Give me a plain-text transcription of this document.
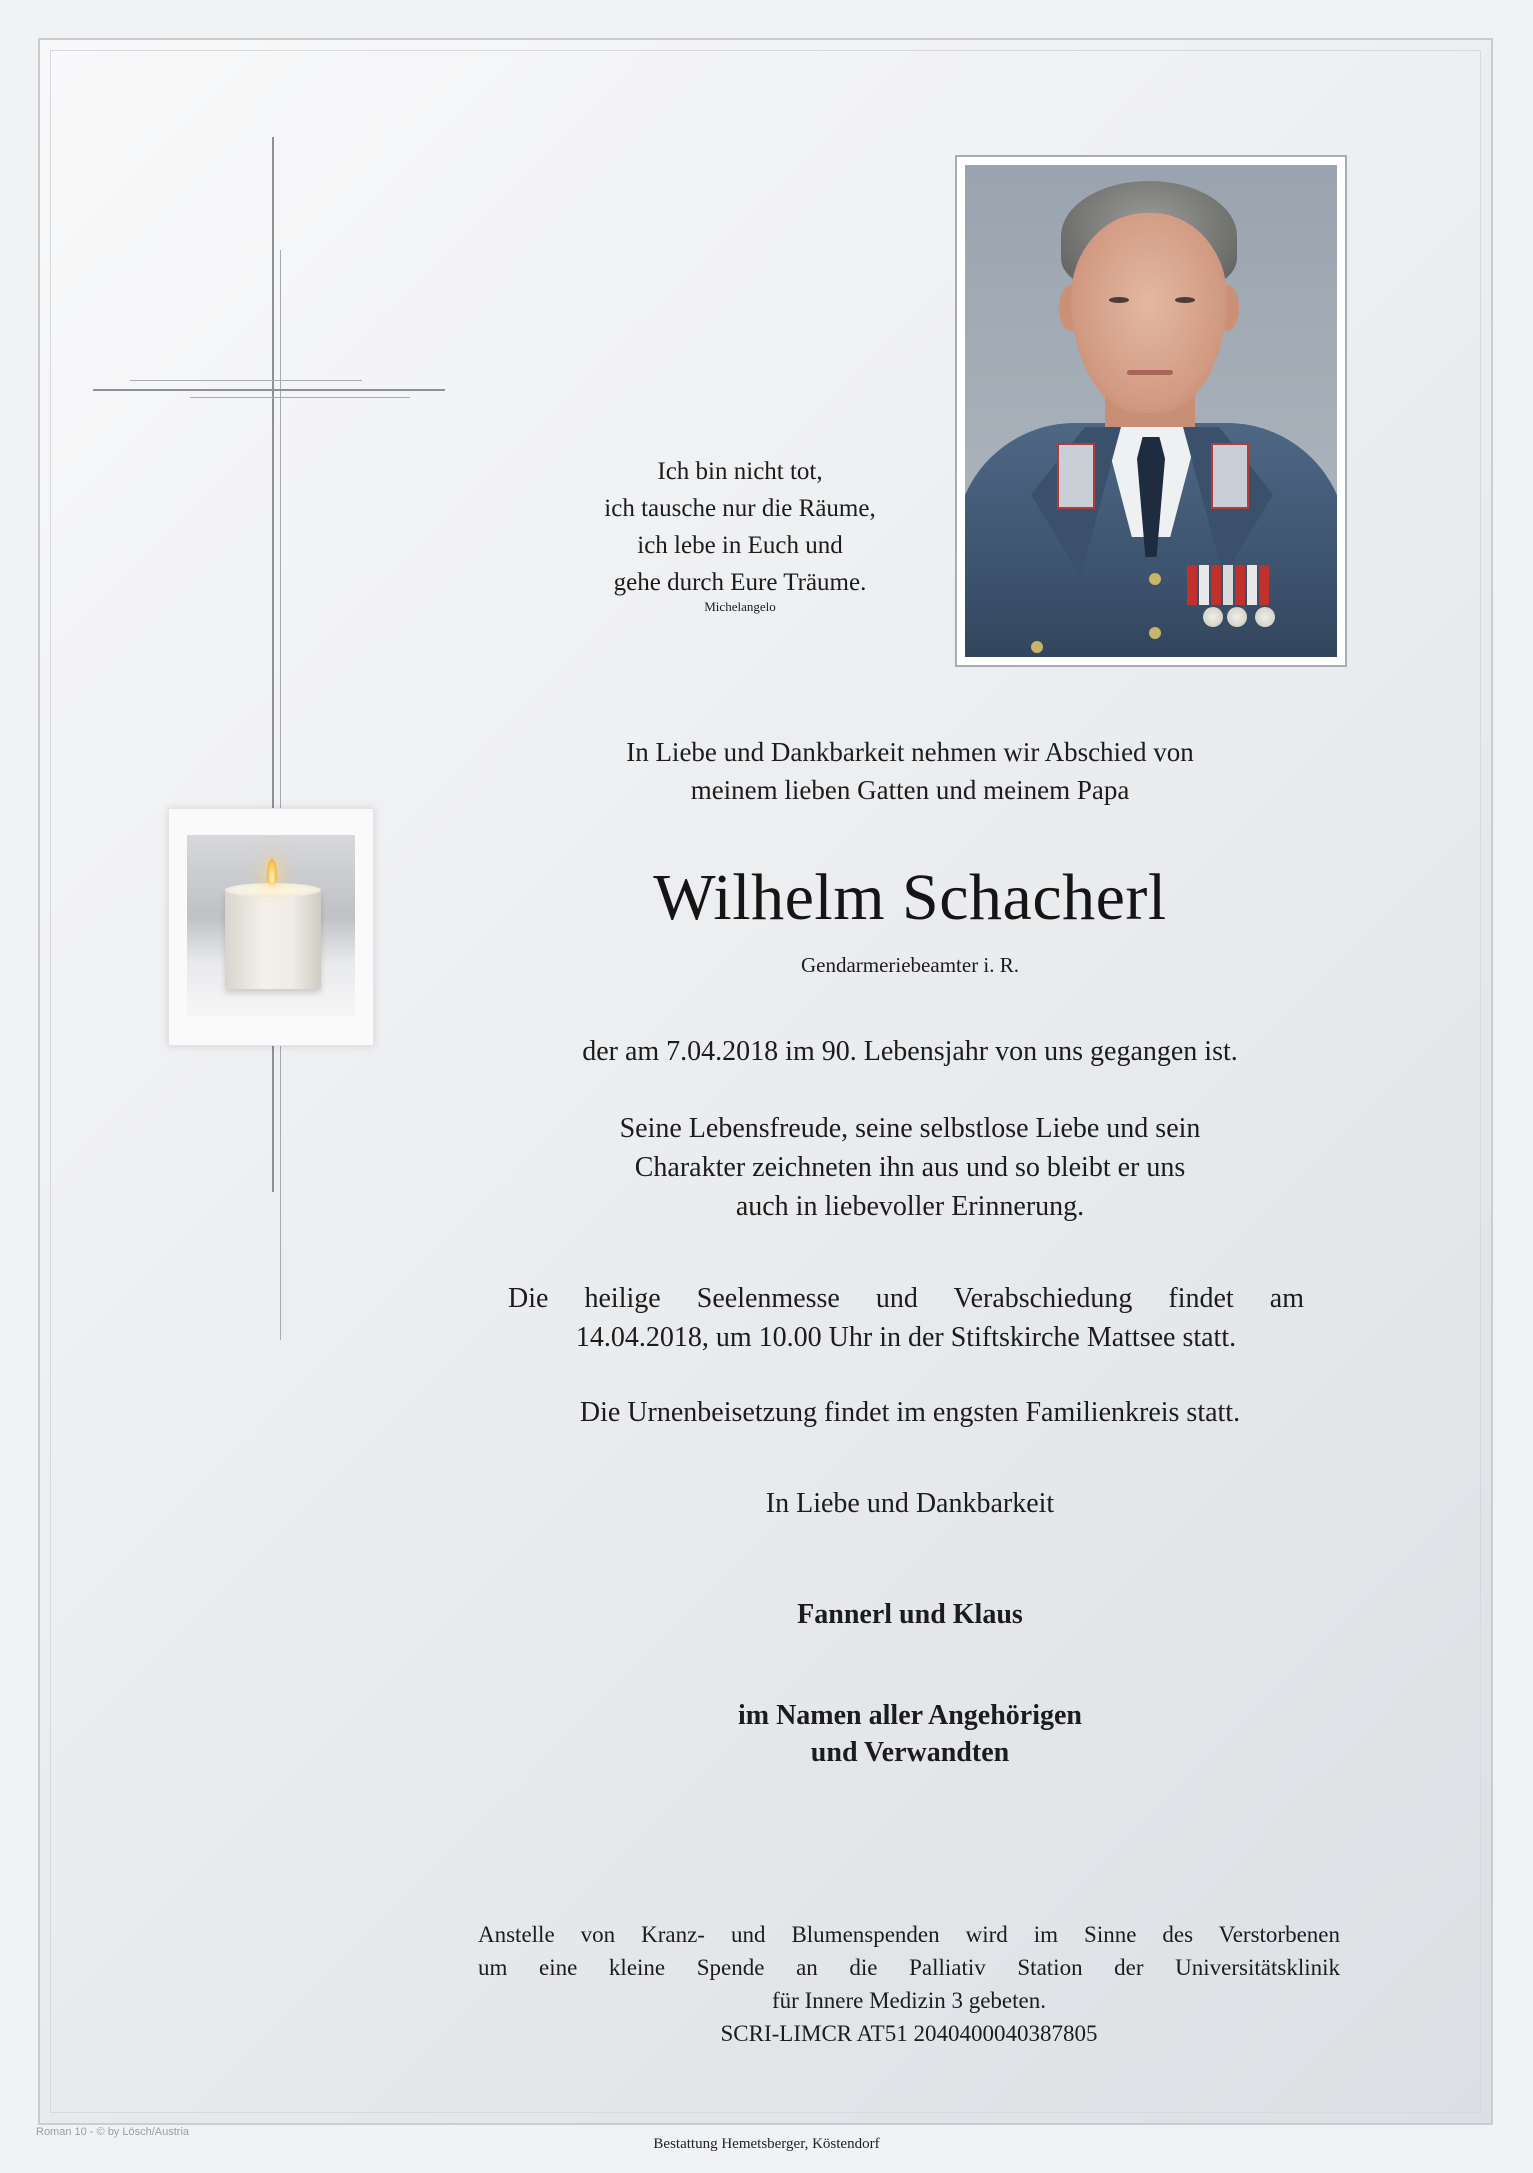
Ich bin nicht tot,
ich tausche nur die Räume,
ich lebe in Euch und
gehe durch Eure Träume.
Michelangelo
In Liebe und Dankbarkeit nehmen wir Abschied von
meinem lieben Gatten und meinem Papa
Wilhelm Schacherl
Gendarmeriebeamter i. R.
der am 7.04.2018 im 90. Lebensjahr von uns gegangen ist.
Seine Lebensfreude, seine selbstlose Liebe und sein
Charakter zeichneten ihn aus und so bleibt er uns
auch in liebevoller Erinnerung.
Die heilige Seelenmesse und Verabschiedung findet am
14.04.2018, um 10.00 Uhr in der Stiftskirche Mattsee statt.
Die Urnenbeisetzung findet im engsten Familienkreis statt.
In Liebe und Dankbarkeit
Fannerl und Klaus
im Namen aller Angehörigen
und Verwandten
Anstelle von Kranz- und Blumenspenden wird im Sinne des Verstorbenen
um eine kleine Spende an die Palliativ Station der Universitätsklinik
für Innere Medizin 3 gebeten.
SCRI-LIMCR AT51 2040400040387805
Roman 10 - © by Lösch/Austria
Bestattung Hemetsberger, Köstendorf
